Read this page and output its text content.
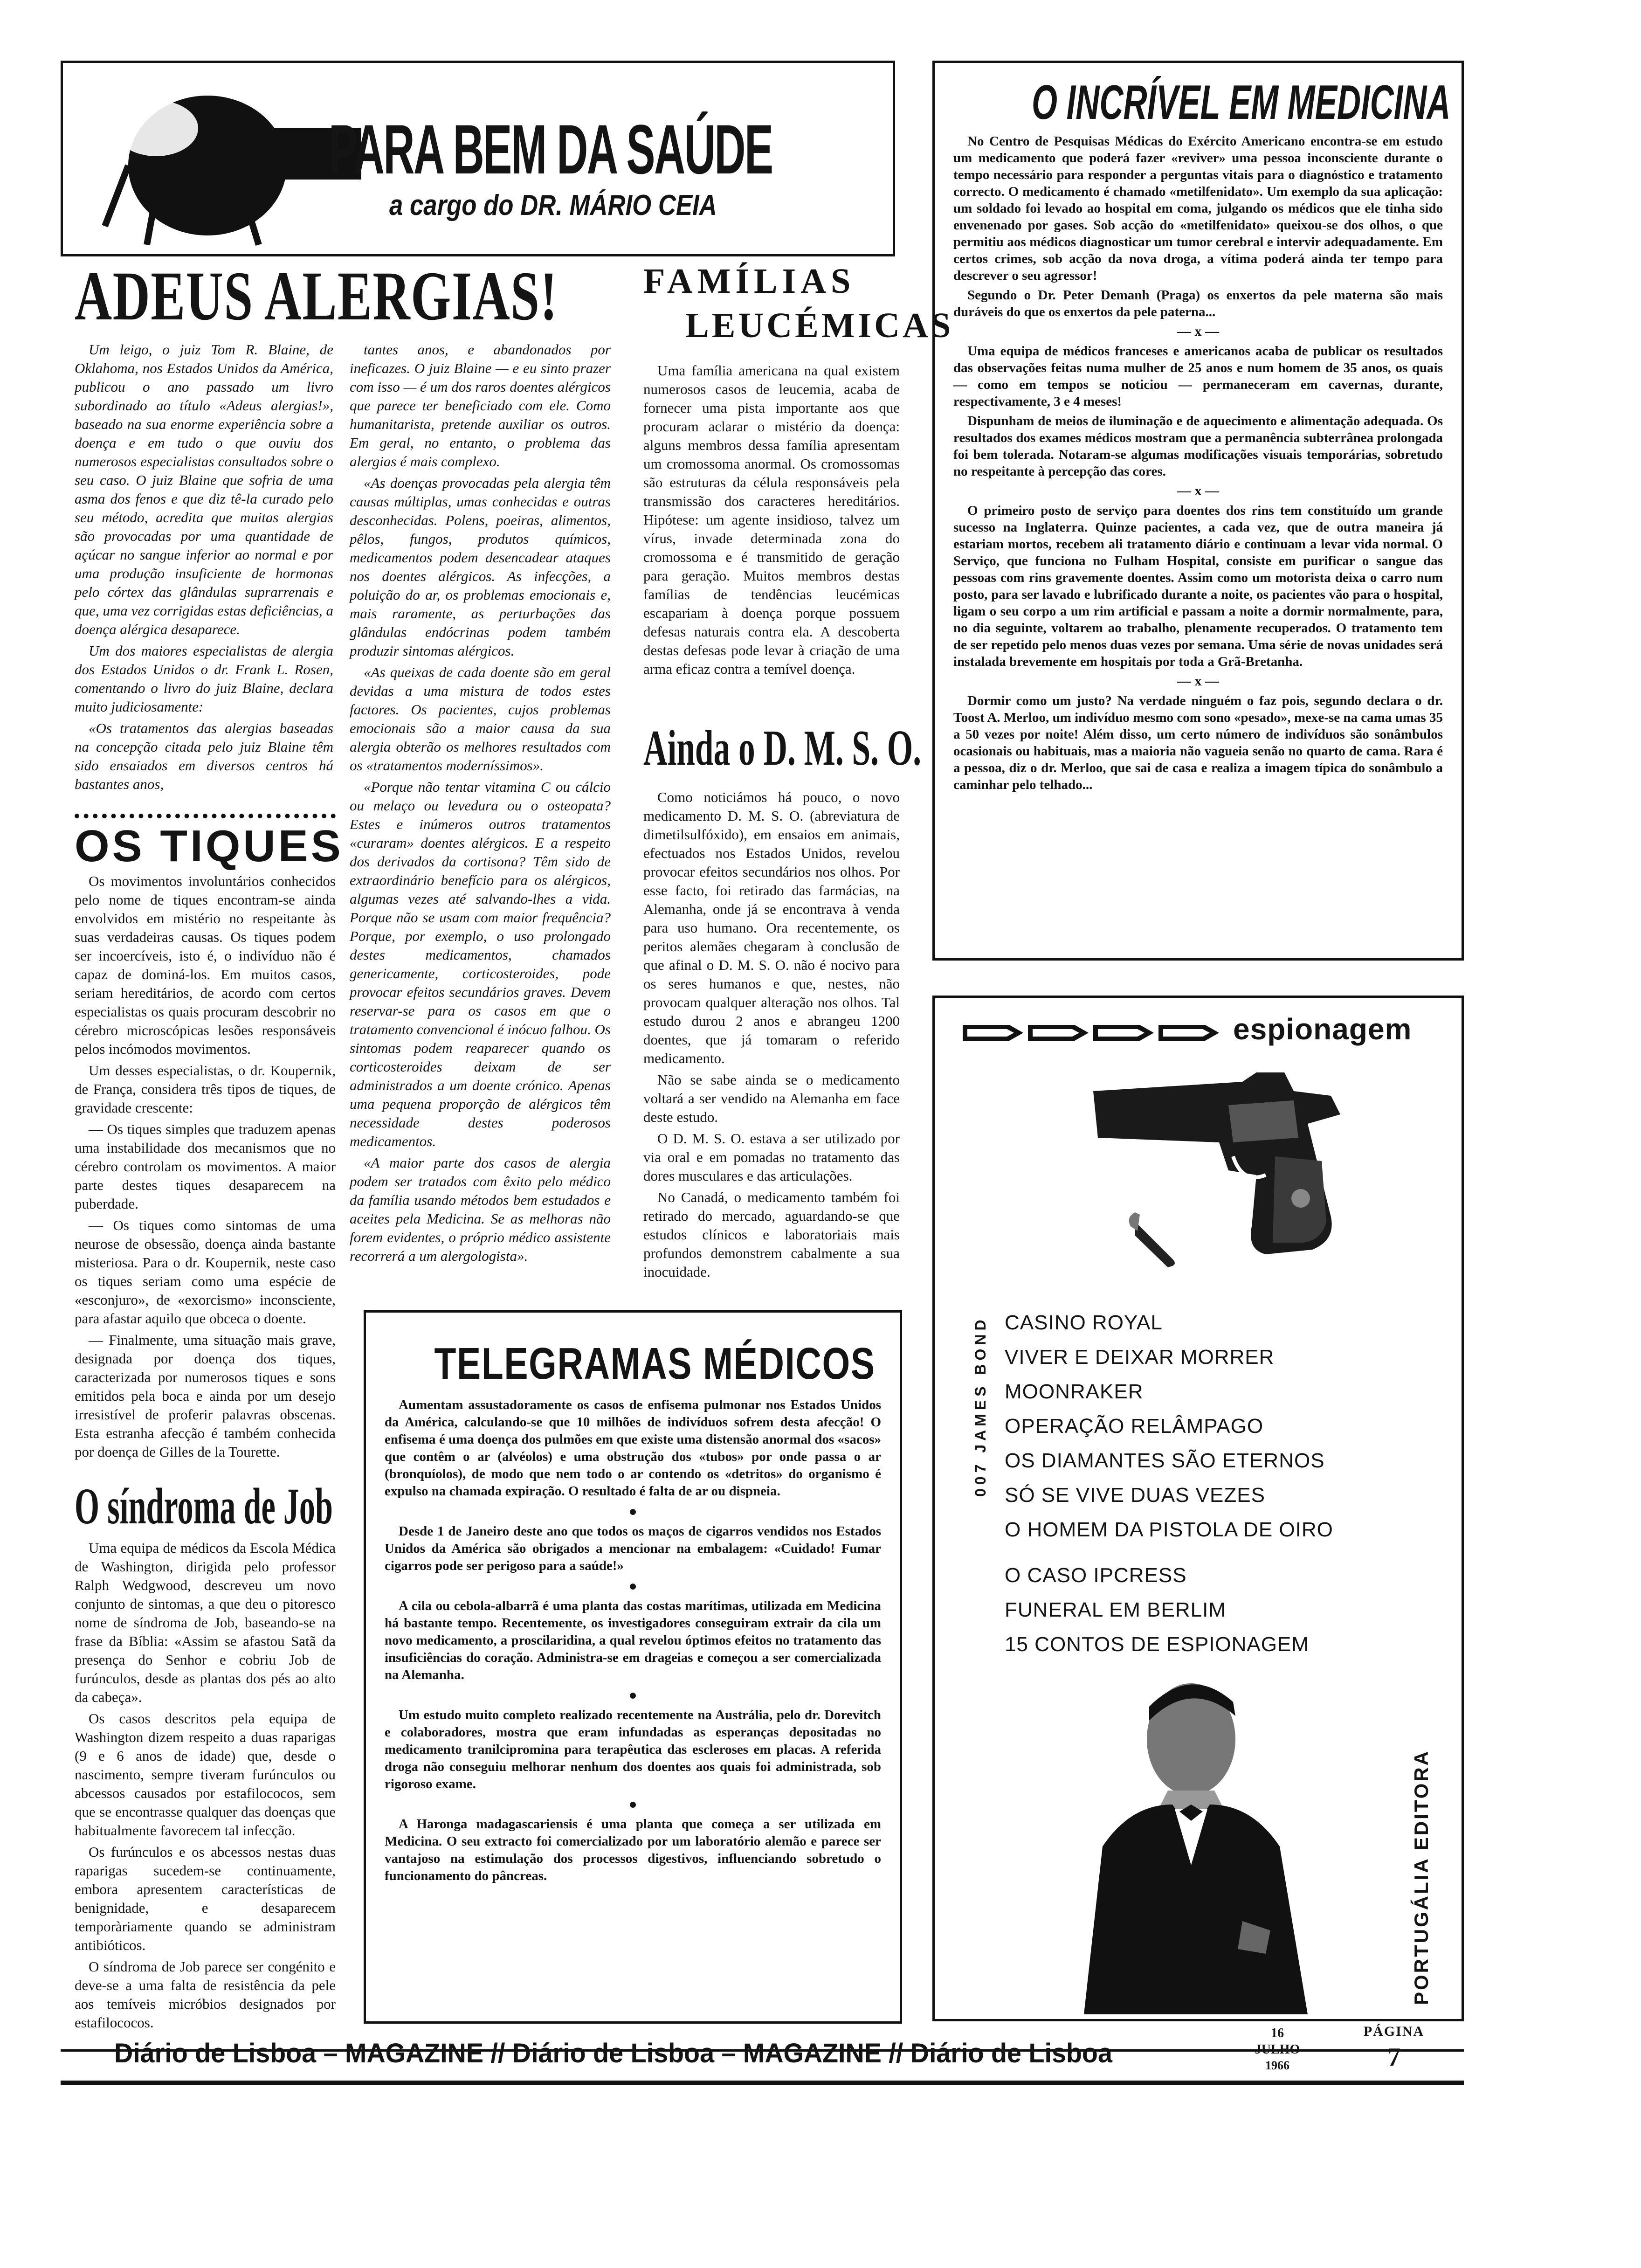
PARA BEM DA SAÚDE
a cargo do DR. MÁRIO CEIA
ADEUS ALERGIAS!

Um leigo, o juiz Tom R. Blaine, de Oklahoma, nos Estados Unidos da América, publicou o ano passado um livro subordinado ao título «Adeus alergias!», baseado na sua enorme experiência sobre a doença e em tudo o que ouviu dos numerosos especialistas consultados sobre o seu caso. O juiz Blaine que sofria de uma asma dos fenos e que diz tê-la curado pelo seu método, acredita que muitas alergias são provocadas por uma quantidade de açúcar no sangue inferior ao normal e por uma produção insuficiente de hormonas pelo córtex das glândulas suprarrenais e que, uma vez corrigidas estas deficiências, a doença alérgica desaparece.

Um dos maiores especialistas de alergia dos Estados Unidos o dr. Frank L. Rosen, comentando o livro do juiz Blaine, declara muito judiciosamente:

«Os tratamentos das alergias baseadas na concepção citada pelo juiz Blaine têm sido ensaiados em diversos centros há bastantes anos,

tantes anos, e abandonados por ineficazes. O juiz Blaine — e eu sinto prazer com isso — é um dos raros doentes alérgicos que parece ter beneficiado com ele. Como humanitarista, pretende auxiliar os outros. Em geral, no entanto, o problema das alergias é mais complexo.

«As doenças provocadas pela alergia têm causas múltiplas, umas conhecidas e outras desconhecidas. Polens, poeiras, alimentos, pêlos, fungos, produtos químicos, medicamentos podem desencadear ataques nos doentes alérgicos. As infecções, a poluição do ar, os problemas emocionais e, mais raramente, as perturbações das glândulas endócrinas podem também produzir sintomas alérgicos.

«As queixas de cada doente são em geral devidas a uma mistura de todos estes factores. Os pacientes, cujos problemas emocionais são a maior causa da sua alergia obterão os melhores resultados com os «tratamentos moderníssimos».

«Porque não tentar vitamina C ou cálcio ou melaço ou levedura ou o osteopata? Estes e inúmeros outros tratamentos «curaram» doentes alérgicos. E a respeito dos derivados da cortisona? Têm sido de extraordinário benefício para os alérgicos, algumas vezes até salvando-lhes a vida. Porque não se usam com maior frequência? Porque, por exemplo, o uso prolongado destes medicamentos, chamados genericamente, corticosteroides, pode provocar efeitos secundários graves. Devem reservar-se para os casos em que o tratamento convencional é inócuo falhou. Os sintomas podem reaparecer quando os corticosteroides deixam de ser administrados a um doente crónico. Apenas uma pequena proporção de alérgicos têm necessidade destes poderosos medicamentos.

«A maior parte dos casos de alergia podem ser tratados com êxito pelo médico da família usando métodos bem estudados e aceites pela Medicina. Se as melhoras não forem evidentes, o próprio médico assistente recorrerá a um alergologista».

FAMÍLIAS
LEUCÉMICAS

Uma família americana na qual existem numerosos casos de leucemia, acaba de fornecer uma pista importante aos que procuram aclarar o mistério da doença: alguns membros dessa família apresentam um cromossoma anormal. Os cromossomas são estruturas da célula responsáveis pela transmissão dos caracteres hereditários. Hipótese: um agente insidioso, talvez um vírus, invade determinada zona do cromossoma e é transmitido de geração para geração. Muitos membros destas famílias de tendências leucémicas escapariam à doença porque possuem defesas naturais contra ela. A descoberta destas defesas pode levar à criação de uma arma eficaz contra a temível doença.

Ainda o D. M. S. O.

Como noticiámos há pouco, o novo medicamento D. M. S. O. (abreviatura de dimetilsulfóxido), em ensaios em animais, efectuados nos Estados Unidos, revelou provocar efeitos secundários nos olhos. Por esse facto, foi retirado das farmácias, na Alemanha, onde já se encontrava à venda para uso humano. Ora recentemente, os peritos alemães chegaram à conclusão de que afinal o D. M. S. O. não é nocivo para os seres humanos e que, nestes, não provocam qualquer alteração nos olhos. Tal estudo durou 2 anos e abrangeu 1200 doentes, que já tomaram o referido medicamento.

Não se sabe ainda se o medicamento voltará a ser vendido na Alemanha em face deste estudo.

O D. M. S. O. estava a ser utilizado por via oral e em pomadas no tratamento das dores musculares e das articulações.

No Canadá, o medicamento também foi retirado do mercado, aguardando-se que estudos clínicos e laboratoriais mais profundos demonstrem cabalmente a sua inocuidade.

OS TIQUES

Os movimentos involuntários conhecidos pelo nome de tiques encontram-se ainda envolvidos em mistério no respeitante às suas verdadeiras causas. Os tiques podem ser incoercíveis, isto é, o indivíduo não é capaz de dominá-los. Em muitos casos, seriam hereditários, de acordo com certos especialistas os quais procuram descobrir no cérebro microscópicas lesões responsáveis pelos incómodos movimentos.

Um desses especialistas, o dr. Koupernik, de França, considera três tipos de tiques, de gravidade crescente:

— Os tiques simples que traduzem apenas uma instabilidade dos mecanismos que no cérebro controlam os movimentos. A maior parte destes tiques desaparecem na puberdade.

— Os tiques como sintomas de uma neurose de obsessão, doença ainda bastante misteriosa. Para o dr. Koupernik, neste caso os tiques seriam como uma espécie de «esconjuro», de «exorcismo» inconsciente, para afastar aquilo que obceca o doente.

— Finalmente, uma situação mais grave, designada por doença dos tiques, caracterizada por numerosos tiques e sons emitidos pela boca e ainda por um desejo irresistível de proferir palavras obscenas. Esta estranha afecção é também conhecida por doença de Gilles de la Tourette.

O síndroma de Job

Uma equipa de médicos da Escola Médica de Washington, dirigida pelo professor Ralph Wedgwood, descreveu um novo conjunto de sintomas, a que deu o pitoresco nome de síndroma de Job, baseando-se na frase da Bíblia: «Assim se afastou Satã da presença do Senhor e cobriu Job de furúnculos, desde as plantas dos pés ao alto da cabeça».

Os casos descritos pela equipa de Washington dizem respeito a duas raparigas (9 e 6 anos de idade) que, desde o nascimento, sempre tiveram furúnculos ou abcessos causados por estafilococos, sem que se encontrasse qualquer das doenças que habitualmente favorecem tal infecção.

Os furúnculos e os abcessos nestas duas raparigas sucedem-se continuamente, embora apresentem características de benignidade, e desaparecem temporàriamente quando se administram antibióticos.

O síndroma de Job parece ser congénito e deve-se a uma falta de resistência da pele aos temíveis micróbios designados por estafilococos.

TELEGRAMAS MÉDICOS

Aumentam assustadoramente os casos de enfisema pulmonar nos Estados Unidos da América, calculando-se que 10 milhões de indivíduos sofrem desta afecção! O enfisema é uma doença dos pulmões em que existe uma distensão anormal dos «sacos» que contêm o ar (alvéolos) e uma obstrução dos «tubos» por onde passa o ar (bronquíolos), de modo que nem todo o ar contendo os «detritos» do organismo é expulso na chamada expiração. O resultado é falta de ar ou dispneia.

●

Desde 1 de Janeiro deste ano que todos os maços de cigarros vendidos nos Estados Unidos da América são obrigados a mencionar na embalagem: «Cuidado! Fumar cigarros pode ser perigoso para a saúde!»

●

A cila ou cebola-albarrã é uma planta das costas marítimas, utilizada em Medicina há bastante tempo. Recentemente, os investigadores conseguiram extrair da cila um novo medicamento, a proscilaridina, a qual revelou óptimos efeitos no tratamento das insuficiências do coração. Administra-se em drageias e começou a ser comercializada na Alemanha.

●

Um estudo muito completo realizado recentemente na Austrália, pelo dr. Dorevitch e colaboradores, mostra que eram infundadas as esperanças depositadas no medicamento tranilcipromina para terapêutica das escleroses em placas. A referida droga não conseguiu melhorar nenhum dos doentes aos quais foi administrada, sob rigoroso exame.

●

A Haronga madagascariensis é uma planta que começa a ser utilizada em Medicina. O seu extracto foi comercializado por um laboratório alemão e parece ser vantajoso na estimulação dos processos digestivos, influenciando sobretudo o funcionamento do pâncreas.

O INCRÍVEL EM MEDICINA

No Centro de Pesquisas Médicas do Exército Americano encontra-se em estudo um medicamento que poderá fazer «reviver» uma pessoa inconsciente durante o tempo necessário para responder a perguntas vitais para o diagnóstico e tratamento correcto. O medicamento é chamado «metilfenidato». Um exemplo da sua aplicação: um soldado foi levado ao hospital em coma, julgando os médicos que ele tinha sido envenenado por gases. Sob acção do «metilfenidato» queixou-se dos olhos, o que permitiu aos médicos diagnosticar um tumor cerebral e intervir adequadamente. Em certos crimes, sob acção da nova droga, a vítima poderá ainda ter tempo para descrever o seu agressor!

Segundo o Dr. Peter Demanh (Praga) os enxertos da pele materna são mais duráveis do que os enxertos da pele paterna...

— x —

Uma equipa de médicos franceses e americanos acaba de publicar os resultados das observações feitas numa mulher de 25 anos e num homem de 35 anos, os quais — como em tempos se noticiou — permaneceram em cavernas, durante, respectivamente, 3 e 4 meses!

Dispunham de meios de iluminação e de aquecimento e alimentação adequada. Os resultados dos exames médicos mostram que a permanência subterrânea prolongada foi bem tolerada. Notaram-se algumas modificações visuais temporárias, sobretudo no respeitante à percepção das cores.

— x —

O primeiro posto de serviço para doentes dos rins tem constituído um grande sucesso na Inglaterra. Quinze pacientes, a cada vez, que de outra maneira já estariam mortos, recebem ali tratamento diário e continuam a levar vida normal. O Serviço, que funciona no Fulham Hospital, consiste em purificar o sangue das pessoas com rins gravemente doentes. Assim como um motorista deixa o carro num posto, para ser lavado e lubrificado durante a noite, os pacientes vão para o hospital, ligam o seu corpo a um rim artificial e passam a noite a dormir normalmente, para, no dia seguinte, voltarem ao trabalho, plenamente recuperados. O tratamento tem de ser repetido pelo menos duas vezes por semana. Uma série de novas unidades será instalada brevemente em hospitais por toda a Grã-Bretanha.

— x —

Dormir como um justo? Na verdade ninguém o faz pois, segundo declara o dr. Toost A. Merloo, um indivíduo mesmo com sono «pesado», mexe-se na cama umas 35 a 50 vezes por noite! Além disso, um certo número de indivíduos são sonâmbulos ocasionais ou habituais, mas a maioria não vagueia senão no quarto de cama. Rara é a pessoa, diz o dr. Merloo, que sai de casa e realiza a imagem típica do sonâmbulo a caminhar pelo telhado...

espionagem
007 JAMES BOND CASINO ROYAL
VIVER E DEIXAR MORRER
MOONRAKER
OPERAÇÃO RELÂMPAGO
OS DIAMANTES SÃO ETERNOS
SÓ SE VIVE DUAS VEZES
O HOMEM DA PISTOLA DE OIRO
O CASO IPCRESS
FUNERAL EM BERLIM
15 CONTOS DE ESPIONAGEM
PORTUGÁLIA EDITORA
Diário de Lisboa – MAGAZINE // Diário de Lisboa – MAGAZINE // Diário de Lisboa
16
JULHO
1966
PÁGINA
7
